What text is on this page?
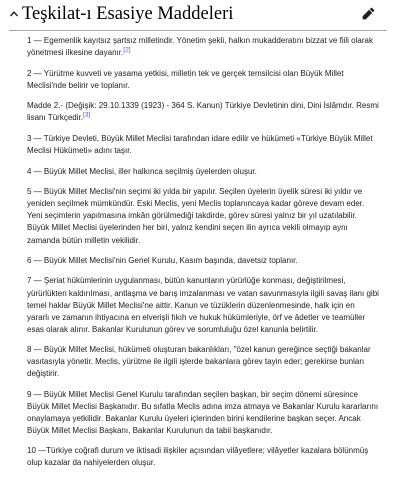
Teşkilat-ı Esasiye Maddeleri

1 — Egemenlik kayıtsız şartsız milletindir. Yönetim şekli, halkın mukadderatını bizzat ve fiili olarak yönetmesi ilkesine dayanır.[2]

2 — Yürütme kuvveti ve yasama yetkisi, milletin tek ve gerçek temsilcisi olan Büyük Millet Meclisi'nde belirir ve toplanır.

Madde 2.- (Değişik: 29.10.1339 (1923) - 364 S. Kanun) Türkiye Devletinin dini, Dini İslâmdır. Resmi lisanı Türkçedir.[3]

3 — Türkiye Devleti, Büyük Millet Meclisi tarafından idare edilir ve hükümeti «Türkiye Büyük Millet Meclisi Hükümeti» adını taşır.

4 — Büyük Millet Meclisi, iller halkınca seçilmiş üyelerden oluşur.

5 — Büyük Millet Meclisi'nin seçimi iki yılda bir yapılır. Seçilen üyelerin üyelik süresi iki yıldır ve yeniden seçilmek mümkündür. Eski Meclis, yeni Meclis toplanıncaya kadar göreve devam eder. Yeni seçimlerin yapılmasına imkân görülmediği takdirde, görev süresi yalnız bir yıl uzatılabilir. Büyük Millet Meclisi üyelerinden her biri, yalnız kendini seçen ilin ayrıca vekili olmayıp aynı zamanda bütün milletin vekilidir.

6 — Büyük Millet Meclisi'nin Genel Kurulu, Kasım başında, davetsiz toplanır.

7 — Şeriat hükümlerinin uygulanması, bütün kanunların yürürlüğe konması, değiştirilmesi, yürürlükten kaldırılması, antlaşma ve barış imzalanması ve vatan savunmasıyla ilgili savaş ilanı gibi temel haklar Büyük Millet Meclisi'ne aittir. Kanun ve tüzüklerin düzenlenmesinde, halk için en yararlı ve zamanın ihtiyacına en elverişli fıkıh ve hukuk hükümleriyle, örf ve âdetler ve teamüller esas olarak alınır. Bakanlar Kurulunun görev ve sorumluluğu özel kanunla belirtilir.

8 — Büyük Millet Meclisi, hükümeti oluşturan bakanlıkları, "özel kanun gereğince seçtiği bakanlar vasıtasıyla yönetir. Meclis, yürütme ile ilgili işlerde bakanlara görev tayin eder; gerekirse bunları değiştirir.

9 — Büyük Millet Meclisi Genel Kurulu tarafından seçilen başkan, bir seçim dönemi süresince Büyük Millet Meclisi Başkanıdır. Bu sıfatla Meclis adına imza atmaya ve Bakanlar Kurulu kararlarını onaylamaya yetkilidir. Bakanlar Kurulu üyeleri içlerinden birini kendilerine başkan seçer. Ancak Büyük Millet Meclisi Başkanı, Bakanlar Kurulunun da tabii başkanıdır.

10 —Türkiye coğrafi durum ve iktisadi ilişkiler açısından vilâyetlere; vilâyetler kazalara bölünmüş olup kazalar da nahiyelerden oluşur.
